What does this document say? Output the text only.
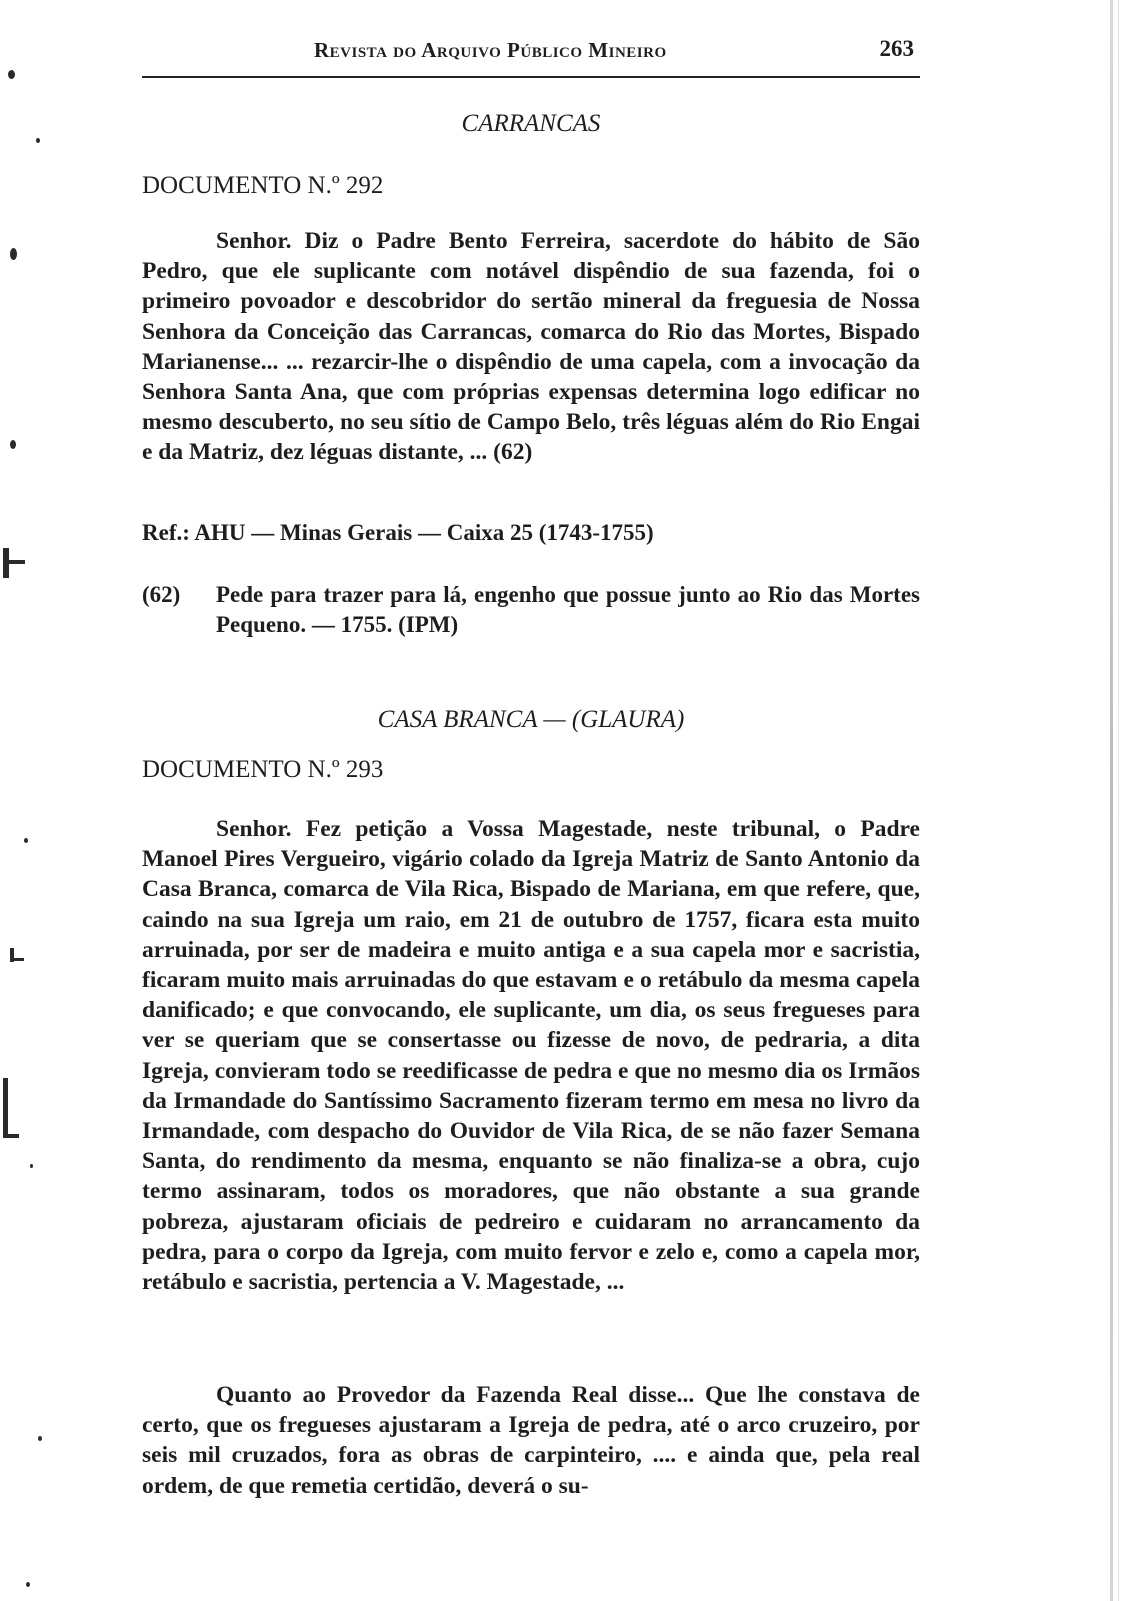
Revista do Arquivo Público Mineiro	263
CARRANCAS
DOCUMENTO N.º 292
Senhor. Diz o Padre Bento Ferreira, sacerdote do hábito de São Pedro, que ele suplicante com notável dispêndio de sua fazenda, foi o primeiro povoador e descobridor do sertão mineral da freguesia de Nossa Senhora da Conceição das Carrancas, comarca do Rio das Mortes, Bispado Marianense... ... rezarcir-lhe o dispêndio de uma capela, com a invocação da Senhora Santa Ana, que com próprias expensas determina logo edificar no mesmo descuberto, no seu sítio de Campo Belo, três léguas além do Rio Engai e da Matriz, dez léguas distante, ... (62)
Ref.: AHU — Minas Gerais — Caixa 25 (1743-1755)
(62) Pede para trazer para lá, engenho que possue junto ao Rio das Mortes Pequeno. — 1755. (IPM)
CASA BRANCA — (GLAURA)
DOCUMENTO N.º 293
Senhor. Fez petição a Vossa Magestade, neste tribunal, o Padre Manoel Pires Vergueiro, vigário colado da Igreja Matriz de Santo Antonio da Casa Branca, comarca de Vila Rica, Bispado de Mariana, em que refere, que, caindo na sua Igreja um raio, em 21 de outubro de 1757, ficara esta muito arruinada, por ser de madeira e muito antiga e a sua capela mor e sacristia, ficaram muito mais arruinadas do que estavam e o retábulo da mesma capela danificado; e que convocando, ele suplicante, um dia, os seus fregueses para ver se queriam que se consertasse ou fizesse de novo, de pedraria, a dita Igreja, convieram todo se reedificasse de pedra e que no mesmo dia os Irmãos da Irmandade do Santíssimo Sacramento fizeram termo em mesa no livro da Irmandade, com despacho do Ouvidor de Vila Rica, de se não fazer Semana Santa, do rendimento da mesma, enquanto se não finaliza-se a obra, cujo termo assinaram, todos os moradores, que não obstante a sua grande pobreza, ajustaram oficiais de pedreiro e cuidaram no arrancamento da pedra, para o corpo da Igreja, com muito fervor e zelo e, como a capela mor, retábulo e sacristia, pertencia a V. Magestade, ...
Quanto ao Provedor da Fazenda Real disse... Que lhe constava de certo, que os fregueses ajustaram a Igreja de pedra, até o arco cruzeiro, por seis mil cruzados, fora as obras de carpinteiro, .... e ainda que, pela real ordem, de que remetia certidão, deverá o su-
